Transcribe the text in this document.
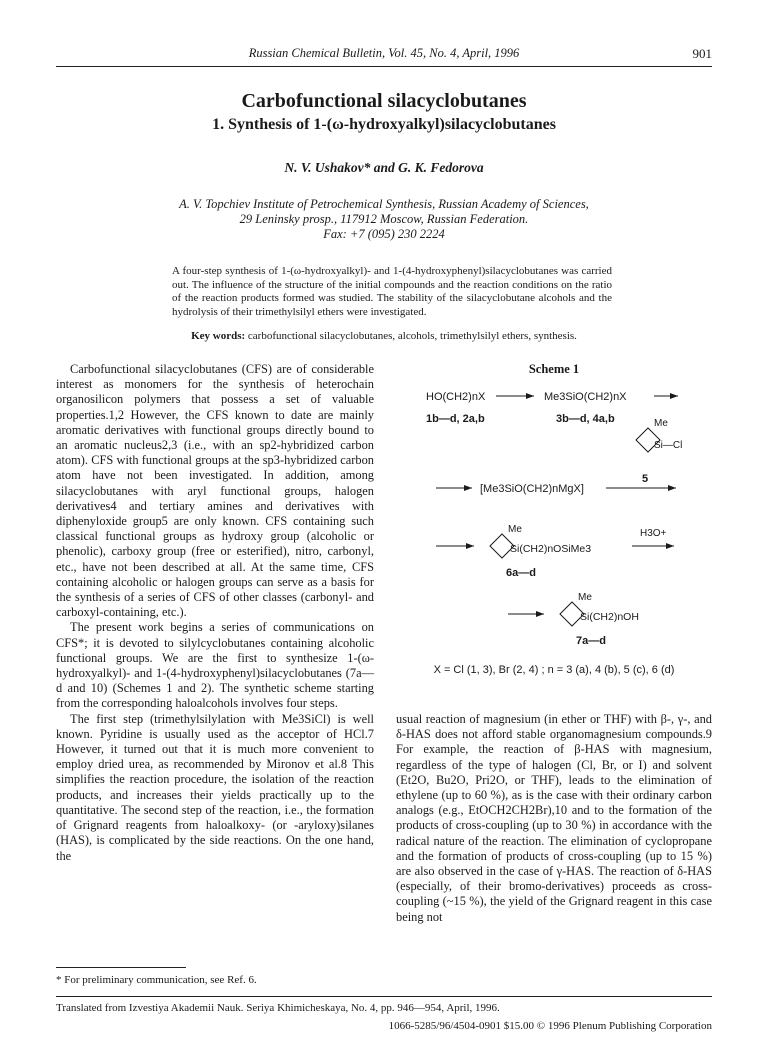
Russian Chemical Bulletin, Vol. 45, No. 4, April, 1996	901
Carbofunctional silacyclobutanes
1. Synthesis of 1-(ω-hydroxyalkyl)silacyclobutanes
N. V. Ushakov* and G. K. Fedorova
A. V. Topchiev Institute of Petrochemical Synthesis, Russian Academy of Sciences,
29 Leninsky prosp., 117912 Moscow, Russian Federation.
Fax: +7 (095) 230 2224
A four-step synthesis of 1-(ω-hydroxyalkyl)- and 1-(4-hydroxyphenyl)silacyclobutanes was carried out. The influence of the structure of the initial compounds and the reaction conditions on the ratio of the reaction products formed was studied. The stability of the silacyclobutane alcohols and the hydrolysis of their trimethylsilyl ethers were investigated.
Key words: carbofunctional silacyclobutanes, alcohols, trimethylsilyl ethers, synthesis.

Carbofunctional silacyclobutanes (CFS) are of considerable interest as monomers for the synthesis of heterochain organosilicon polymers that possess a set of valuable properties.1,2 However, the CFS known to date are mainly aromatic derivatives with functional groups directly bound to an aromatic nucleus2,3 (i.e., with an sp2-hybridized carbon atom). CFS with functional groups at the sp3-hybridized carbon atom have not been investigated. In addition, among silacyclobutanes with aryl functional groups, halogen derivatives4 and tertiary amines and derivatives with diphenyloxide group5 are only known. CFS containing such classical functional groups as hydroxy group (alcoholic or phenolic), carboxy group (free or esterified), nitro, carbonyl, etc., have not been described at all. At the same time, CFS containing alcoholic or halogen groups can serve as a basis for the synthesis of a series of CFS of other classes (carbonyl- and carboxyl-containing, etc.).

The present work begins a series of communications on CFS*; it is devoted to silylcyclobutanes containing alcoholic functional groups. We are the first to synthesize 1-(ω-hydroxyalkyl)- and 1-(4-hydroxyphenyl)silacyclobutanes (7a—d and 10) (Schemes 1 and 2). The synthetic scheme starting from the corresponding haloalcohols involves four steps.

The first step (trimethylsilylation with Me3SiCl) is well known. Pyridine is usually used as the acceptor of HCl.7 However, it turned out that it is much more convenient to employ dried urea, as recommended by Mironov et al.8 This simplifies the reaction procedure, the isolation of the reaction products, and increases their yields practically up to the quantitative. The second step of the reaction, i.e., the formation of Grignard reagents from haloalkoxy- (or -aryloxy)silanes (HAS), is complicated by the side reactions. On the one hand, the

Scheme 1
HO(CH2)nX	Me3SiO(CH2)nX
1b—d, 2a,b	3b—d, 4a,b	Me
Si—Cl
[Me3SiO(CH2)nMgX]
5
Me
Si(CH2)nOSiMe3
H3O+
6a—d
Me
Si(CH2)nOH
7a—d
X = Cl (1, 3), Br (2, 4) ; n = 3 (a), 4 (b), 5 (c), 6 (d)

usual reaction of magnesium (in ether or THF) with β-, γ-, and δ-HAS does not afford stable organomagnesium compounds.9 For example, the reaction of β-HAS with magnesium, regardless of the type of halogen (Cl, Br, or I) and solvent (Et2O, Bu2O, Pri2O, or THF), leads to the elimination of ethylene (up to 60 %), as is the case with their ordinary carbon analogs (e.g., EtOCH2CH2Br),10 and to the formation of the products of cross-coupling (up to 30 %) in accordance with the radical nature of the reaction. The elimination of cyclopropane and the formation of products of cross-coupling (up to 15 %) are also observed in the case of γ-HAS. The reaction of δ-HAS (especially, of their bromo-derivatives) proceeds as cross-coupling (~15 %), the yield of the Grignard reagent in this case being not

* For preliminary communication, see Ref. 6.
Translated from Izvestiya Akademii Nauk. Seriya Khimicheskaya, No. 4, pp. 946—954, April, 1996.
1066-5285/96/4504-0901 $15.00 © 1996 Plenum Publishing Corporation
